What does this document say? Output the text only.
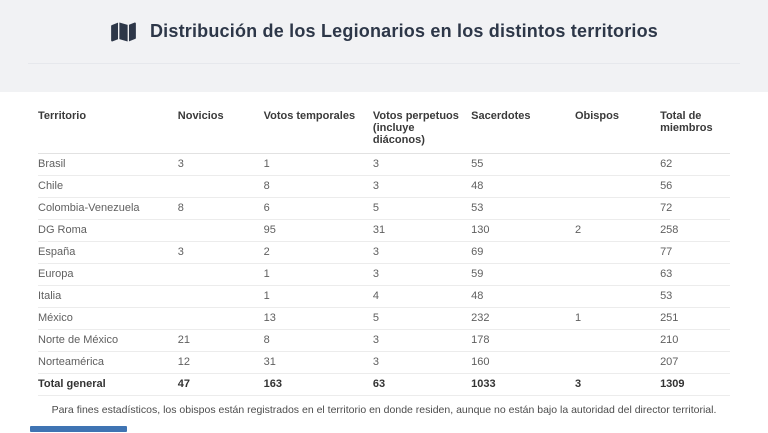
Distribución de los Legionarios en los distintos territorios
Territorio	Novicios	Votos temporales	Votos perpetuos (incluye diáconos)	Sacerdotes	Obispos	Total de miembros
Brasil	3	1	3	55		62
Chile		8	3	48		56
Colombia-Venezuela	8	6	5	53		72
DG Roma		95	31	130	2	258
España	3	2	3	69		77
Europa		1	3	59		63
Italia		1	4	48		53
México		13	5	232	1	251
Norte de México	21	8	3	178		210
Norteamérica	12	31	3	160		207
Total general	47	163	63	1033	3	1309

Para fines estadísticos, los obispos están registrados en el territorio en donde residen, aunque no están bajo la autoridad del director territorial.
